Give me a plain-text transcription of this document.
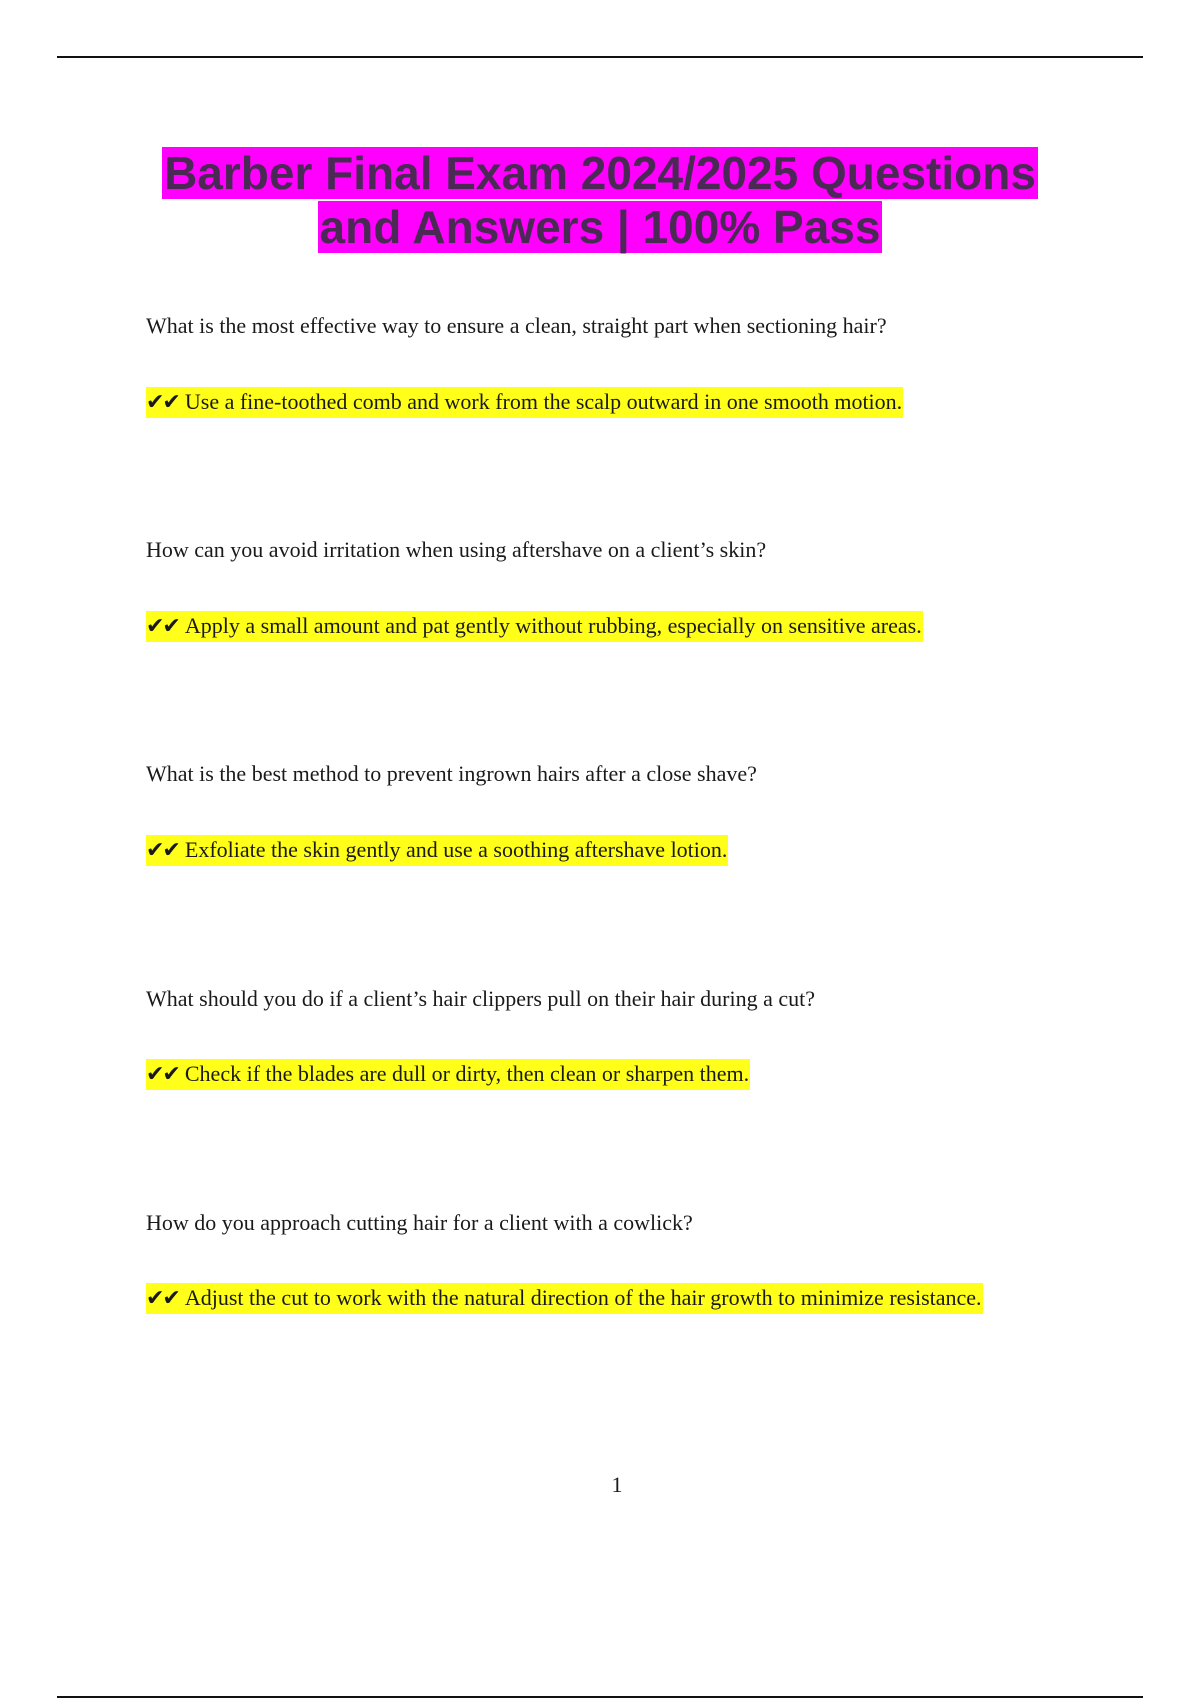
Barber Final Exam 2024/2025 Questions
and Answers | 100% Pass

What is the most effective way to ensure a clean, straight part when sectioning hair?

✔✔ Use a fine-toothed comb and work from the scalp outward in one smooth motion.

How can you avoid irritation when using aftershave on a client’s skin?

✔✔ Apply a small amount and pat gently without rubbing, especially on sensitive areas.

What is the best method to prevent ingrown hairs after a close shave?

✔✔ Exfoliate the skin gently and use a soothing aftershave lotion.

What should you do if a client’s hair clippers pull on their hair during a cut?

✔✔ Check if the blades are dull or dirty, then clean or sharpen them.

How do you approach cutting hair for a client with a cowlick?

✔✔ Adjust the cut to work with the natural direction of the hair growth to minimize resistance.

1
